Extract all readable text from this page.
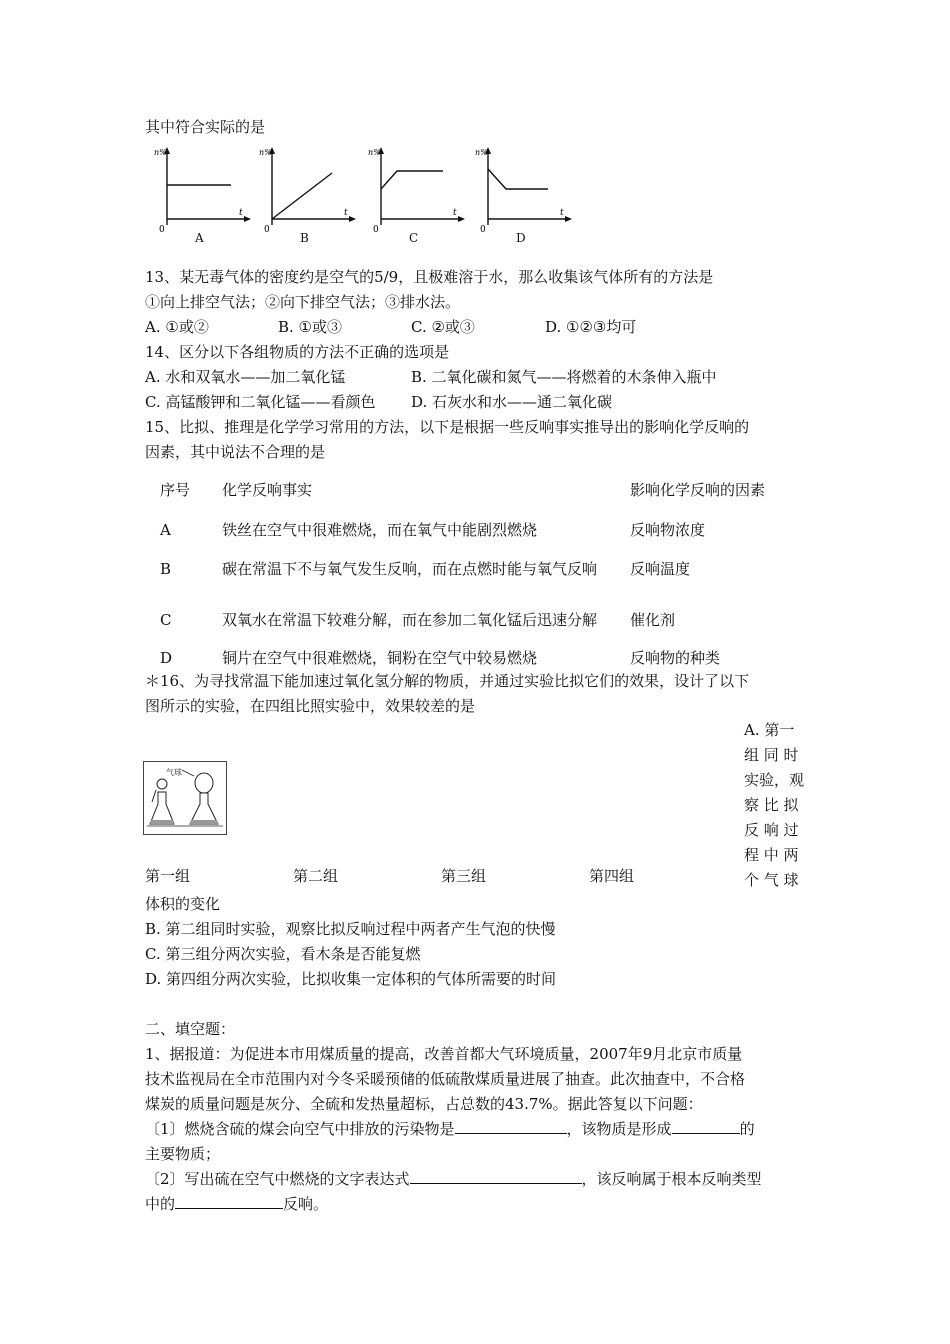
其中符合实际的是
n%
t
0
A
n%
t
0
B
n%
t
0
C
n%
t
0
D
13、某无毒气体的密度约是空气的5/9，且极难溶于水，那么收集该气体所有的方法是
①向上排空气法；②向下排空气法；③排水法。
A. ①或②	B. ①或③	C. ②或③	D. ①②③均可
14、区分以下各组物质的方法不正确的选项是
A. 水和双氧水——加二氧化锰	B. 二氧化碳和氮气——将燃着的木条伸入瓶中
C. 高锰酸钾和二氧化锰——看颜色 D. 石灰水和水——通二氧化碳
15、比拟、推理是化学学习常用的方法，以下是根据一些反响事实推导出的影响化学反响的
因素，其中说法不合理的是
序号	化学反响事实	影响化学反响的因素
A	铁丝在空气中很难燃烧，而在氧气中能剧烈燃烧	反响物浓度
B	碳在常温下不与氧气发生反响，而在点燃时能与氧气反响	反响温度
C	双氧水在常温下较难分解，而在参加二氧化锰后迅速分解	催化剂
D	铜片在空气中很难燃烧，铜粉在空气中较易燃烧	反响物的种类
＊16、为寻找常温下能加速过氧化氢分解的物质，并通过实验比拟它们的效果，设计了以下
图所示的实验，在四组比照实验中，效果较差的是
A. 第一
组 同 时
实验，观
察 比 拟
反 响 过
程 中 两
个 气 球
气球
第一组	第二组	第三组	第四组
体积的变化
B. 第二组同时实验，观察比拟反响过程中两者产生气泡的快慢
C. 第三组分两次实验，看木条是否能复燃
D. 第四组分两次实验，比拟收集一定体积的气体所需要的时间
二、填空题：
1、据报道：为促进本市用煤质量的提高，改善首都大气环境质量，2007年9月北京市质量
技术监视局在全市范围内对今冬采暖预储的低硫散煤质量进展了抽查。此次抽查中，不合格
煤炭的质量问题是灰分、全硫和发热量超标，占总数的43.7%。据此答复以下问题：
〔1〕燃烧含硫的煤会向空气中排放的污染物是	，该物质是形成	的
主要物质；
〔2〕写出硫在空气中燃烧的文字表达式	，该反响属于根本反响类型
中的	反响。
